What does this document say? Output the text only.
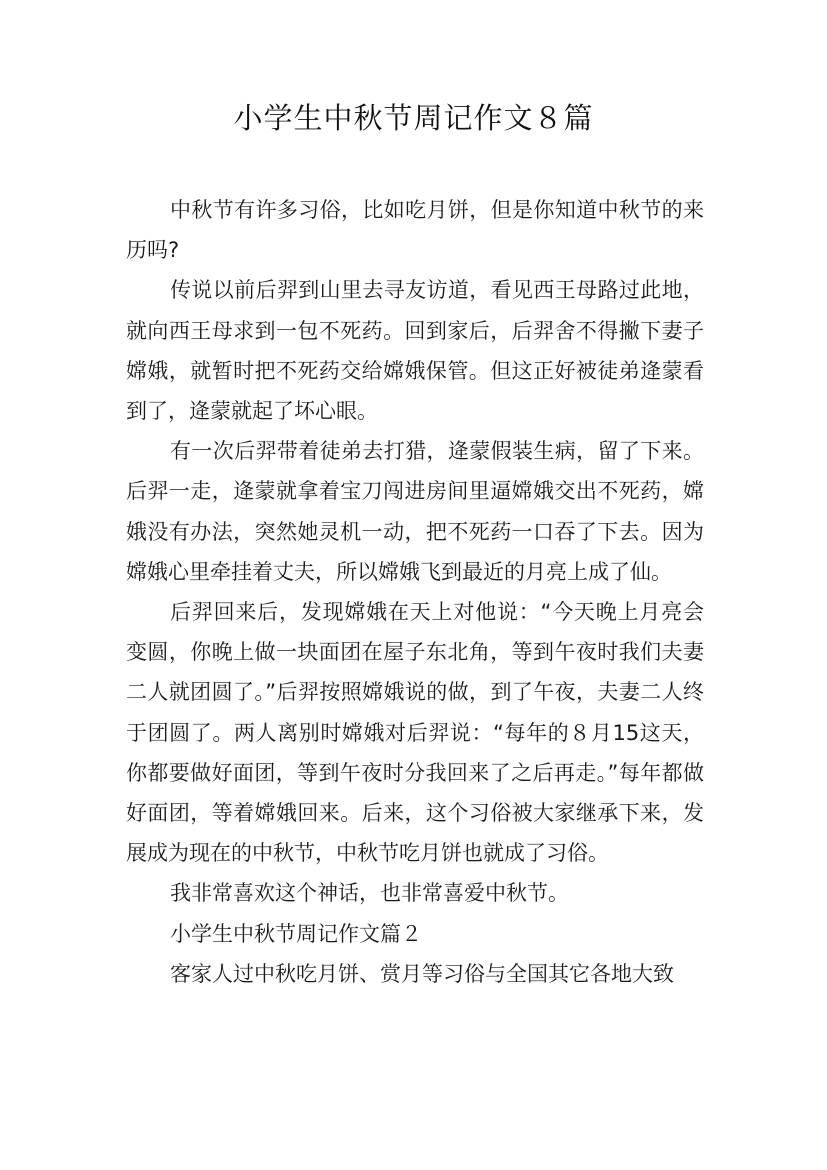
小学生中秋节周记作文８篇

中秋节有许多习俗，比如吃月饼，但是你知道中秋节的来历吗?

传说以前后羿到山里去寻友访道，看见西王母路过此地，就向西王母求到一包不死药。回到家后，后羿舍不得撇下妻子嫦娥，就暂时把不死药交给嫦娥保管。但这正好被徒弟逄蒙看到了，逄蒙就起了坏心眼。

有一次后羿带着徒弟去打猎，逄蒙假装生病，留了下来。后羿一走，逄蒙就拿着宝刀闯进房间里逼嫦娥交出不死药，嫦娥没有办法，突然她灵机一动，把不死药一口吞了下去。因为嫦娥心里牵挂着丈夫，所以嫦娥飞到最近的月亮上成了仙。

后羿回来后，发现嫦娥在天上对他说：“今天晚上月亮会变圆，你晚上做一块面团在屋子东北角，等到午夜时我们夫妻二人就团圆了。”后羿按照嫦娥说的做，到了午夜，夫妻二人终于团圆了。两人离别时嫦娥对后羿说：“每年的８月15这天，你都要做好面团，等到午夜时分我回来了之后再走。”每年都做好面团，等着嫦娥回来。后来，这个习俗被大家继承下来，发展成为现在的中秋节，中秋节吃月饼也就成了习俗。

我非常喜欢这个神话，也非常喜爱中秋节。

小学生中秋节周记作文篇２

客家人过中秋吃月饼、赏月等习俗与全国其它各地大致
